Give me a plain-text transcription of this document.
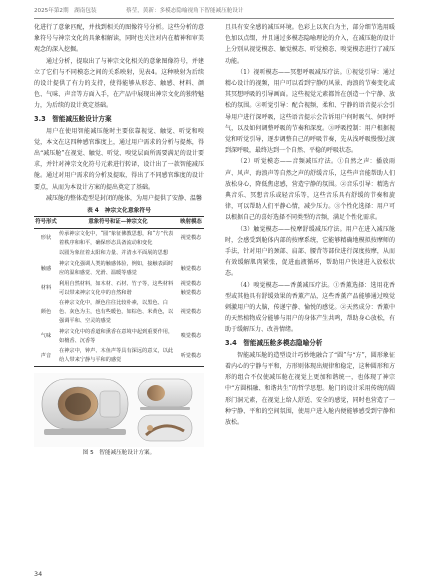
2025年第2期　湖南包装	蔡莹，黄新：多模态隐喻视角下智能减压舱设计

化进行了意象匹配，并找到相关的图像符号分析。这些分析的意象符号与神宗文化的具象相解读，同时也关注对内在精神和审美观念的深入挖掘。

通过分析，提取出了与神宗文化相关的意象图像符号，并建立了它们与不同模态之间的关系映射，见表4。这种映射为后续的设计提供了有力的支持，使得能够从形态、触感、材料、颜色、气味、声音等方面入手，在产品中展现出神宗文化的独特魅力，为后续的设计奠定基础。

3.3　智能减压舱设计方案

用户在使用智能减压舱时主要依靠视觉、触觉、听觉和嗅觉，本文在这四种感官维度上，通过用户需求的分析与提炼，得出“减压舱”在视觉、触觉、听觉、嗅觉层面所需要满足的设计要求，并针对神宗文化符号元素进行转译，设计出了一款智能减压舱。通过对用户需求的分析及提取，得出了不同感官维度的设计要点，从而为本设计方案的提出奠定了基础。

减压舱的整体造型是封闭的舱体，为用户提供了安静、温馨

表 4　神宗文化意象符号
符号形式	意象符号和证—神宗文化	映射模态
形状	传承神宗文化中，“圆”象征佛教思想，和“方”代表着秩序和和平，确保形态具备流动和变化	视觉模态
	以圆为象征着太阳和力量、并清水平面展的思想	
触感	神宗文化强调人类的触感体验，例如，接触表面时应的温和感觉、光滑、温暖等感觉	触觉模态
材料	利用自然材料，如木材、石材、竹子等，这些材料可以带来神宗文化中的自然和谐	视觉模态 触觉模态
颜色	在神宗文化中，颜色往往比较朴素，以黑色、白色、灰色为主，也有些暖色，如棕色、米黄色，以强调平和、空灵的感觉	视觉模态
气味	神宗文化中的香道和熏香在意境中起到重要作用，如檀香、沉香等	嗅觉模态
声音	在神宗中，钟声、木鱼声等具有深远的意义，以此给人带来宁静与平和的感觉	听觉模态
图 5　智能减压舱设计方案。

且具有安全感的减压环境。色彩上以灰白为主，部分细节选用暖色加以点缀，并且通过多模态隐喻理论的介入，在减压舱的设计上分别从视觉模态、触觉模态、听觉模态、嗅觉模态进行了减压功能。

（1）视听模态——冥想呼吸减压疗法。①视觉引导：通过精心设计的视频，用户可以看到宁静的风景、海浪的节奏变化或其冥想呼吸的引导画面。这些视觉元素都旨在创造一个宁静、放松的氛围。②听觉引导：配合视频，柔和、宁静的语音提示会引导用户进行深呼吸，这些语音提示会告诉用户何时吸气、何时呼气，以及如何调整呼吸的节奏和深度。③呼吸控制：用户根据视觉和听觉引导，逐步调整自己的呼吸节奏，先从浅呼吸慢慢过渡到深呼吸，最终达到一个自然、平稳的呼吸状态。

（2）听觉模态——音频减压疗法。①自然之声：播放雨声、风声、海浪声等自然之声的舒缓音乐，这些声音能帮助人们放松身心，降低焦虑感，营造宁静的氛围。②音乐引导：精选古典音乐、冥想音乐或轻音乐等，这些音乐具有舒缓的节奏和旋律，可以帮助人们平静心情，减少压力。③个性化选择：用户可以根据自己的喜好选择不同类型的音频，满足个性化需求。

（3）触觉模态——按摩舒缓减压疗法。用户在进入减压舱时，会感受到舱体内部的按摩系统，它能够精确地模拟按摩师的手法，针对用户的颈部、肩部、腰背等部位进行深度按摩，从而有效缓解肌肉紧张，促进血液循环，帮助用户快速进入放松状态。

（4）嗅觉模态——香薰减压疗法。①香薰选择：选用花香型或其他具有舒缓效果的香薰产品，这些香薰产品能够通过嗅觉刺激用户的大脑，传递宁静、愉悦的感觉。②天然成分：香薰中的天然植物成分能够与用户的身体产生共鸣，帮助身心放松，有助于缓解压力、改善情绪。

3.4　智能减压舱多模态隐喻分析

智能减压舱的造型设计巧妙地融合了“圆”与“方”，圆形象征着内心的宁静与平和，方形则体现出规律和稳定，这种圆形和方形的组合不仅使减压舱在视觉上更加和谐统一，也体现了神宗中“方圆相融、和谐共生”的哲学思想。舱门的设计采用传统的圆形门洞元素，在视觉上给人舒适、安全的感觉，同时也营造了一种宁静、平和的空间氛围，使用户进入舱内便能够感受到宁静和放松。

34
